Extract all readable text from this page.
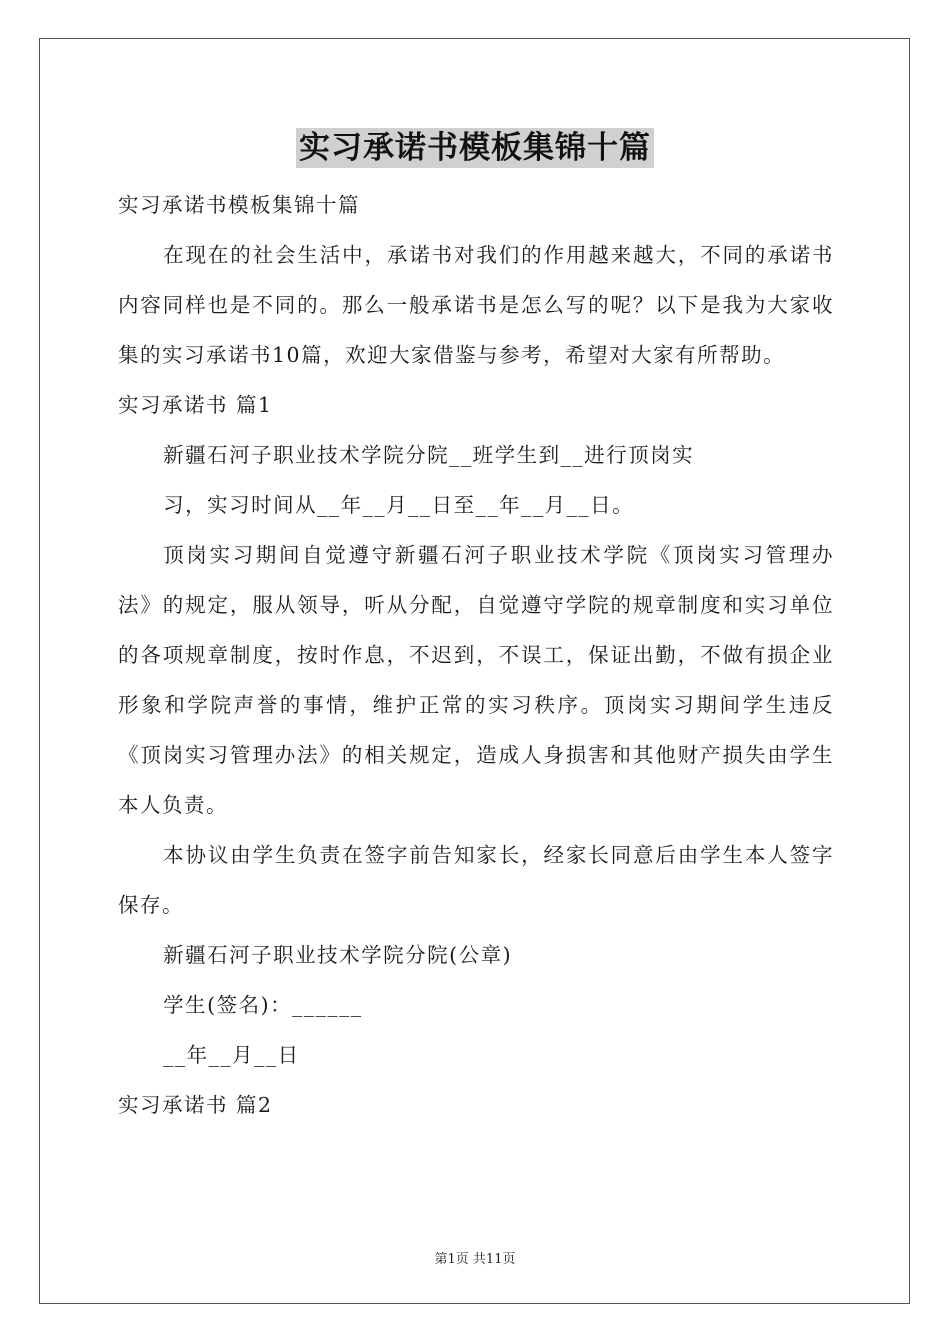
实习承诺书模板集锦十篇

实习承诺书模板集锦十篇

在现在的社会生活中，承诺书对我们的作用越来越大，不同的承诺书内容同样也是不同的。那么一般承诺书是怎么写的呢？以下是我为大家收集的实习承诺书10篇，欢迎大家借鉴与参考，希望对大家有所帮助。

实习承诺书 篇1

新疆石河子职业技术学院分院__班学生到__进行顶岗实

习，实习时间从__年__月__日至__年__月__日。

顶岗实习期间自觉遵守新疆石河子职业技术学院《顶岗实习管理办法》的规定，服从领导，听从分配，自觉遵守学院的规章制度和实习单位的各项规章制度，按时作息，不迟到，不误工，保证出勤，不做有损企业形象和学院声誉的事情，维护正常的实习秩序。顶岗实习期间学生违反《顶岗实习管理办法》的相关规定，造成人身损害和其他财产损失由学生本人负责。

本协议由学生负责在签字前告知家长，经家长同意后由学生本人签字保存。

新疆石河子职业技术学院分院(公章)

学生(签名)：______

__年__月__日

实习承诺书 篇2

第1页 共11页
